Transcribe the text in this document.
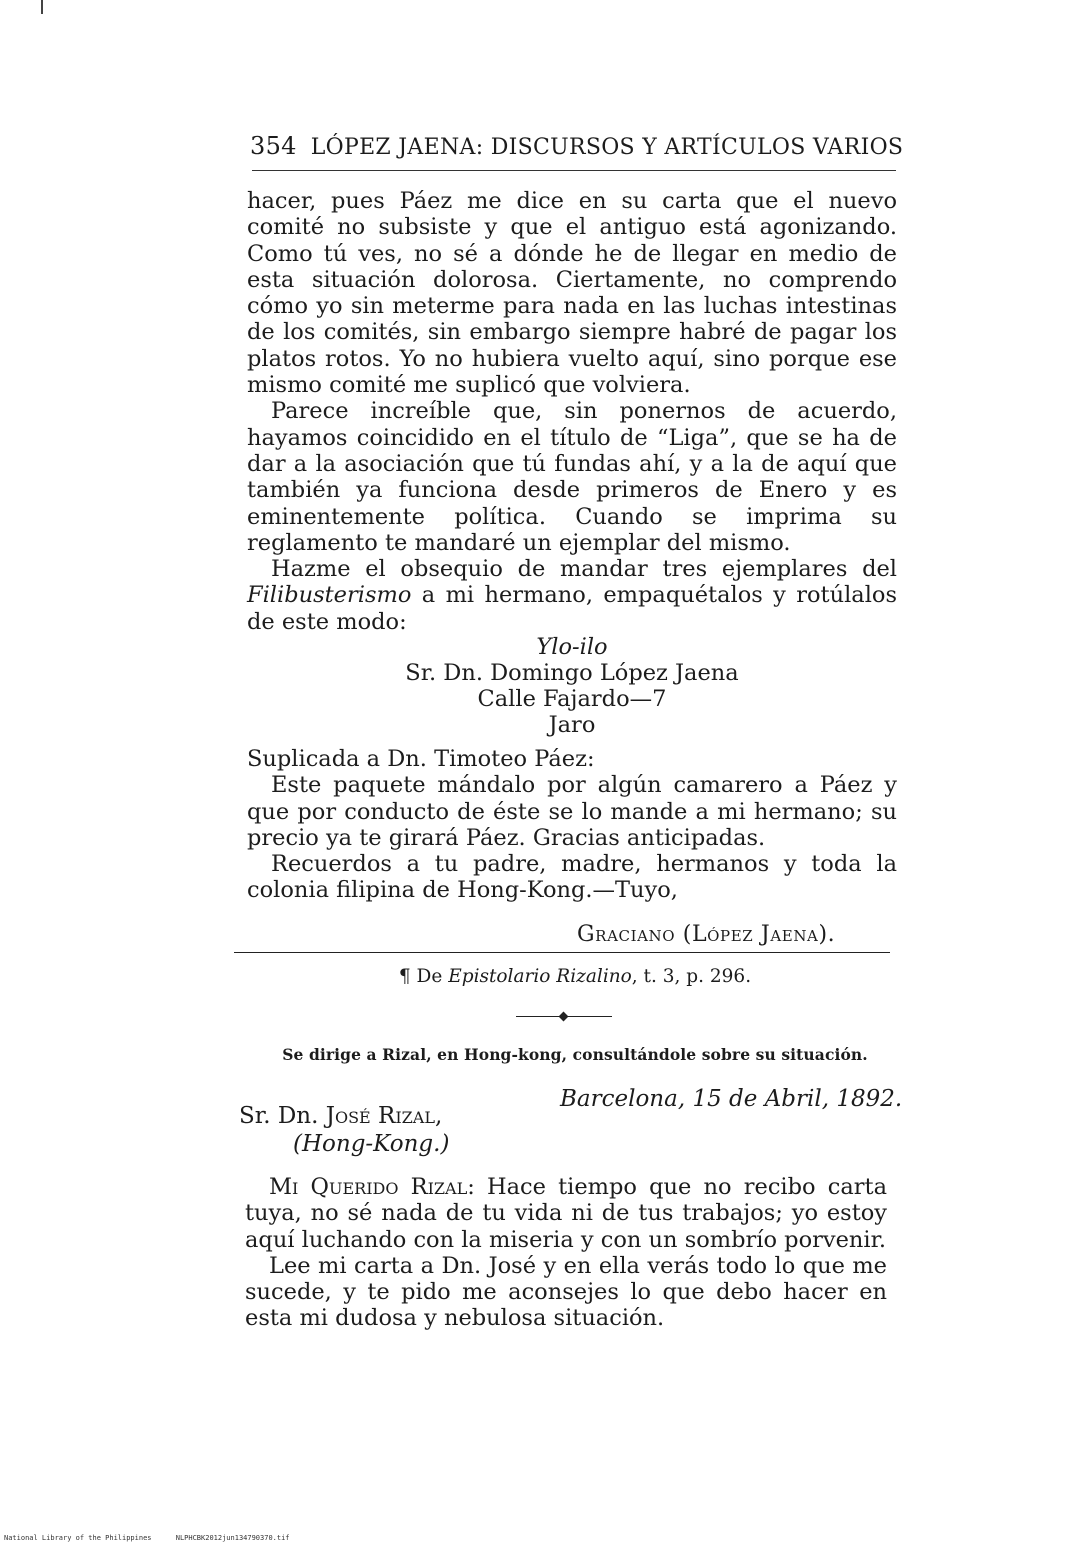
354 LÓPEZ JAENA: DISCURSOS Y ARTÍCULOS VARIOS

hacer, pues Páez me dice en su carta que el nuevo comité no subsiste y que el antiguo está agonizando. Como tú ves, no sé a dónde he de llegar en medio de esta situación dolorosa. Ciertamente, no comprendo cómo yo sin meterme para nada en las luchas intestinas de los comités, sin embargo siempre habré de pagar los platos rotos. Yo no hubiera vuelto aquí, sino porque ese mismo comité me suplicó que volviera.

Parece increíble que, sin ponernos de acuerdo, hayamos coincidido en el título de “Liga”, que se ha de dar a la asociación que tú fundas ahí, y a la de aquí que también ya funciona desde primeros de Enero y es eminentemente política. Cuando se imprima su reglamento te mandaré un ejemplar del mismo.

Hazme el obsequio de mandar tres ejemplares del Filibusterismo a mi hermano, empaquétalos y rotúlalos de este modo:

Ylo-ilo
Sr. Dn. Domingo López Jaena
Calle Fajardo—7
Jaro

Suplicada a Dn. Timoteo Páez:

Este paquete mándalo por algún camarero a Páez y que por conducto de éste se lo mande a mi hermano; su precio ya te girará Páez. Gracias anticipadas.

Recuerdos a tu padre, madre, hermanos y toda la colonia filipina de Hong-Kong.—Tuyo,

Graciano (López Jaena).
¶ De Epistolario Rizalino, t. 3, p. 296.
Se dirige a Rizal, en Hong-kong, consultándole sobre su situación.
Barcelona, 15 de Abril, 1892.
Sr. Dn. José Rizal,
(Hong-Kong.)

Mi Querido Rizal: Hace tiempo que no recibo carta tuya, no sé nada de tu vida ni de tus trabajos; yo estoy aquí luchando con la miseria y con un sombrío porvenir.

Lee mi carta a Dn. José y en ella verás todo lo que me sucede, y te pido me aconsejes lo que debo hacer en esta mi dudosa y nebulosa situación.

National Library of the Philippines	NLPHCBK2012jun134790370.tif
